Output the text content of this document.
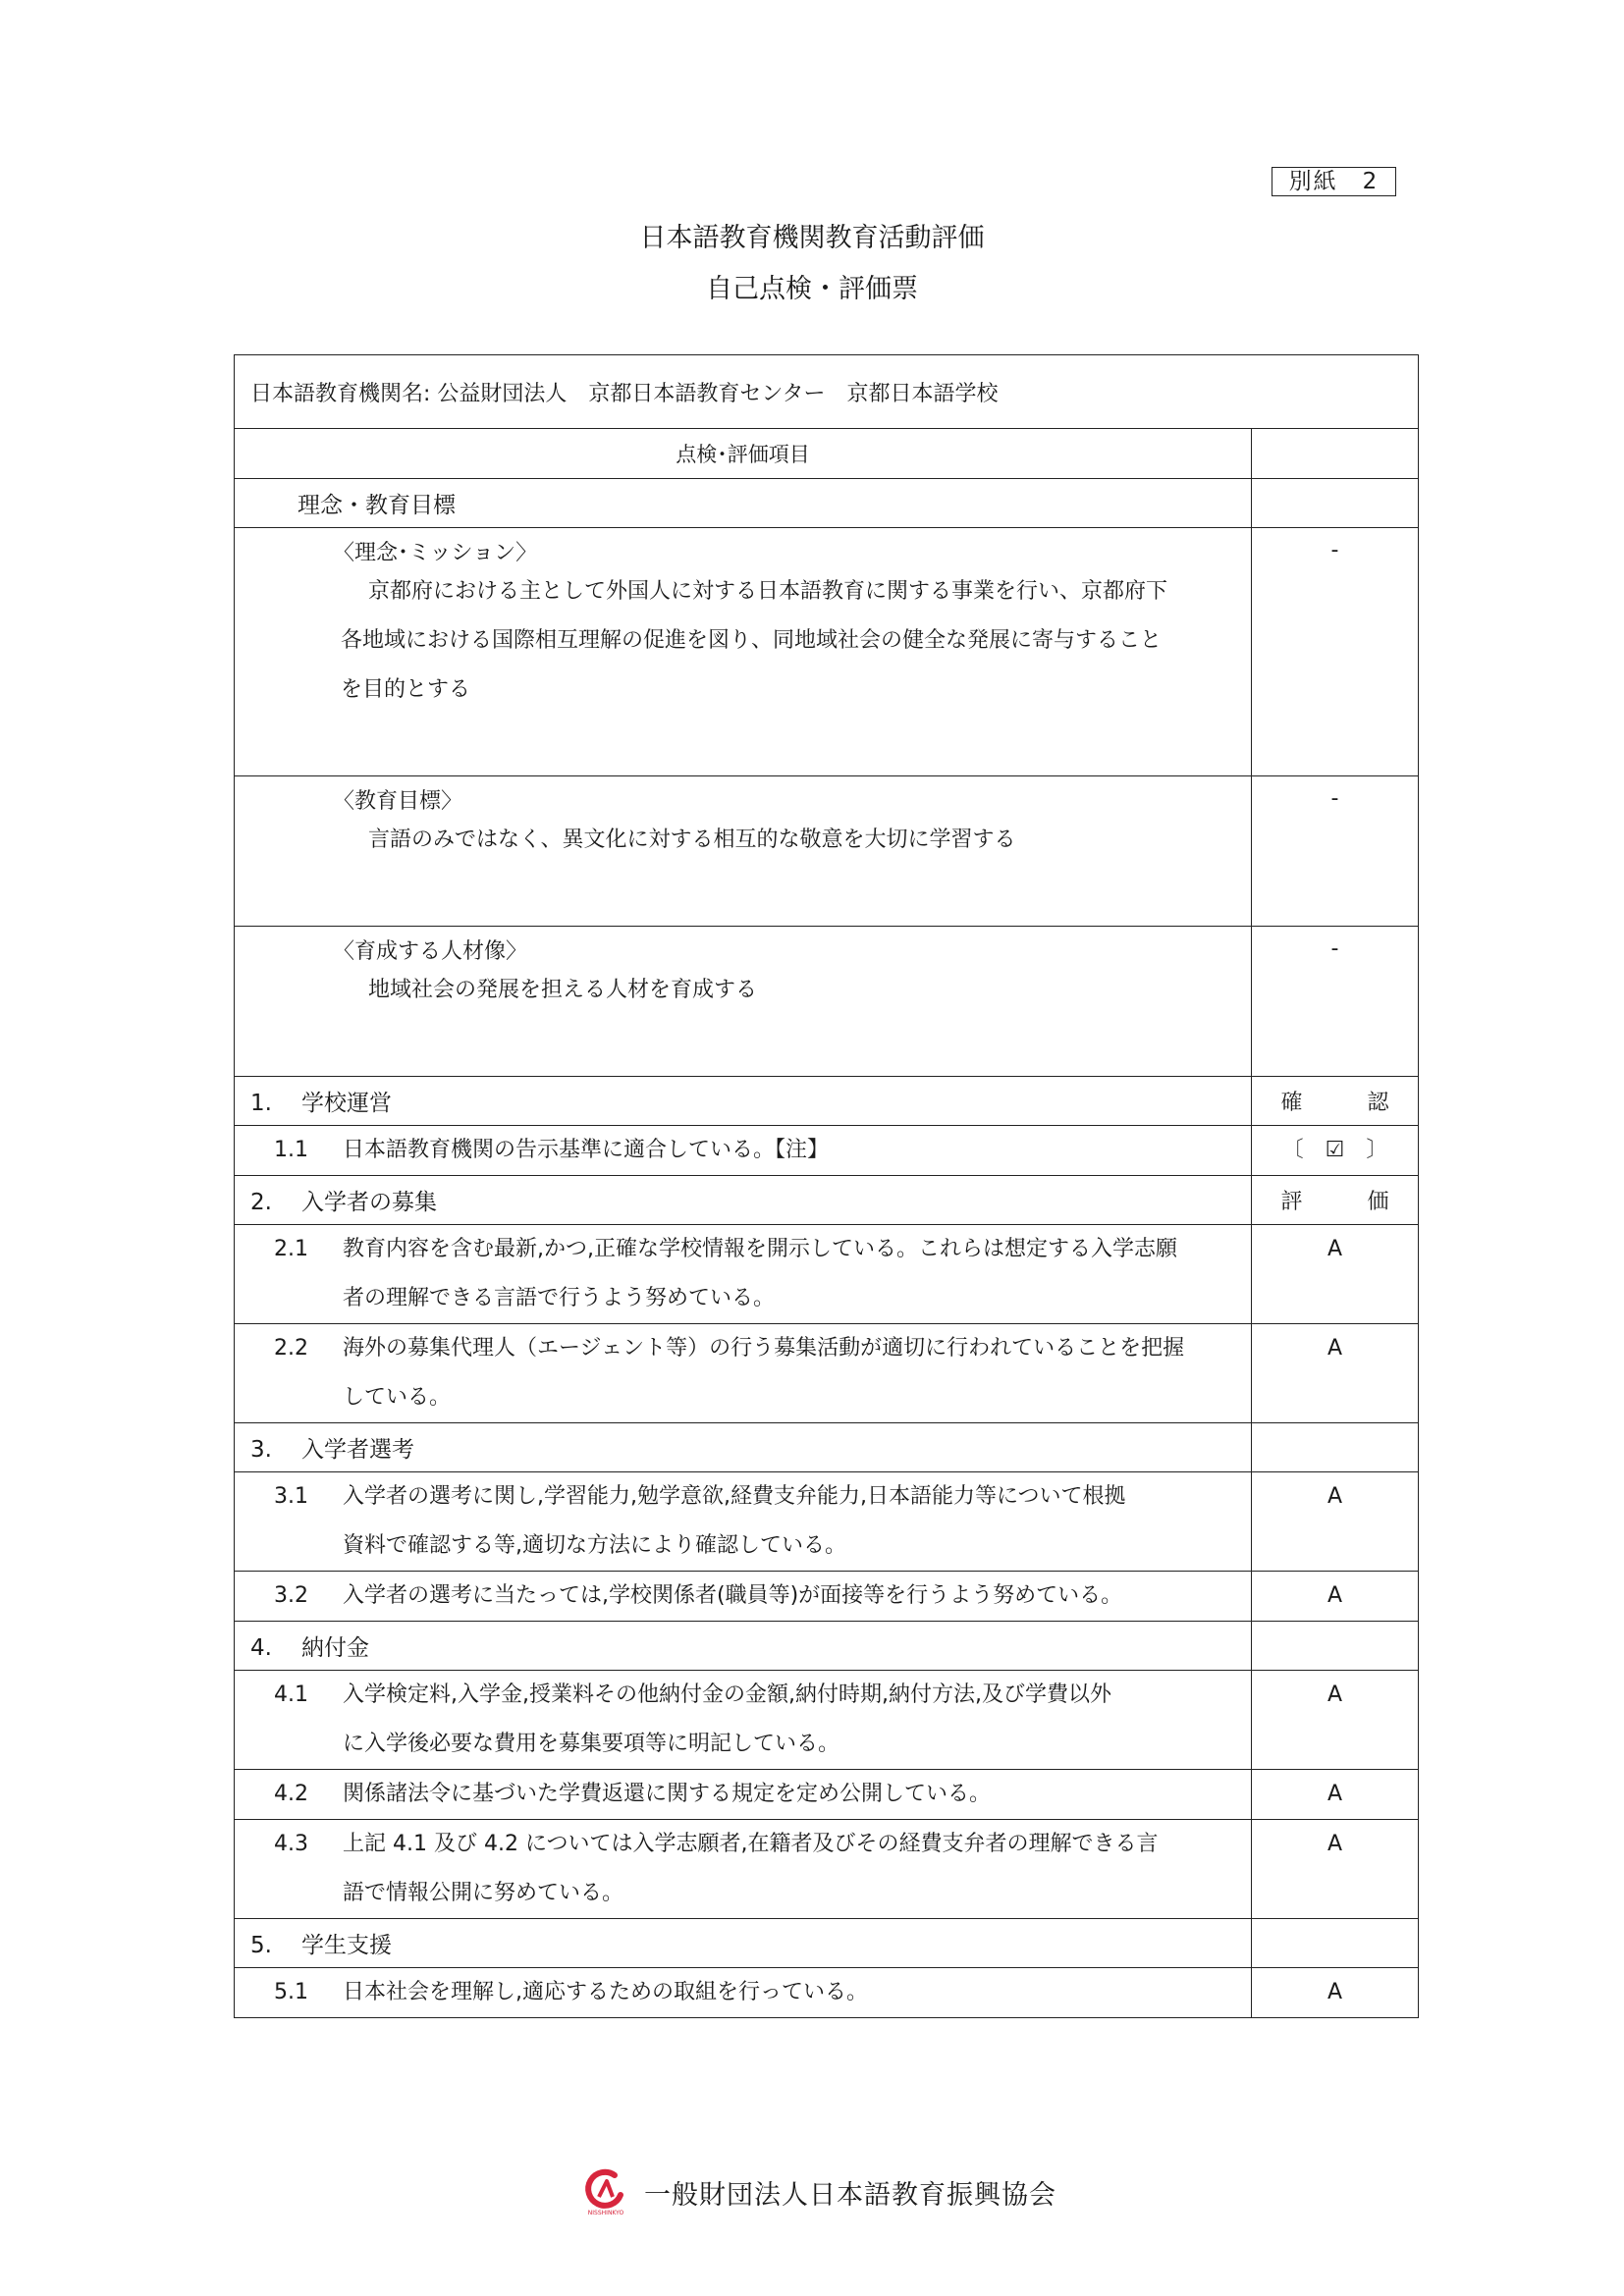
別紙　2
日本語教育機関教育活動評価
自己点検・評価票
日本語教育機関名: 公益財団法人　京都日本語教育センター　京都日本語学校	
点検･評価項目	
理念・教育目標	

〈理念･ミッション〉
京都府における主として外国人に対する日本語教育に関する事業を行い、京都府下
各地域における国際相互理解の促進を図り、同地域社会の健全な発展に寄与すること
を目的とする	-

〈教育目標〉
言語のみではなく、異文化に対する相互的な敬意を大切に学習する	-

〈育成する人材像〉
地域社会の発展を担える人材を育成する	-
1. 学校運営	確　認

1.1 日本語教育機関の告示基準に適合している。【注】	〔　☑　〕
2. 入学者の募集	評　価

2.1 教育内容を含む最新,かつ,正確な学校情報を開示している。これらは想定する入学志願
者の理解できる言語で行うよう努めている。	A

2.2 海外の募集代理人（エージェント等）の行う募集活動が適切に行われていることを把握
している。	A
3. 入学者選考	

3.1 入学者の選考に関し,学習能力,勉学意欲,経費支弁能力,日本語能力等について根拠
資料で確認する等,適切な方法により確認している。	A

3.2 入学者の選考に当たっては,学校関係者(職員等)が面接等を行うよう努めている。	A
4. 納付金	

4.1 入学検定料,入学金,授業料その他納付金の金額,納付時期,納付方法,及び学費以外
に入学後必要な費用を募集要項等に明記している。	A

4.2 関係諸法令に基づいた学費返還に関する規定を定め公開している。	A

4.3 上記 4.1 及び 4.2 については入学志願者,在籍者及びその経費支弁者の理解できる言
語で情報公開に努めている。	A
5. 学生支援	

5.1 日本社会を理解し,適応するための取組を行っている。	A
NISSHINKYO
一般財団法人日本語教育振興協会
